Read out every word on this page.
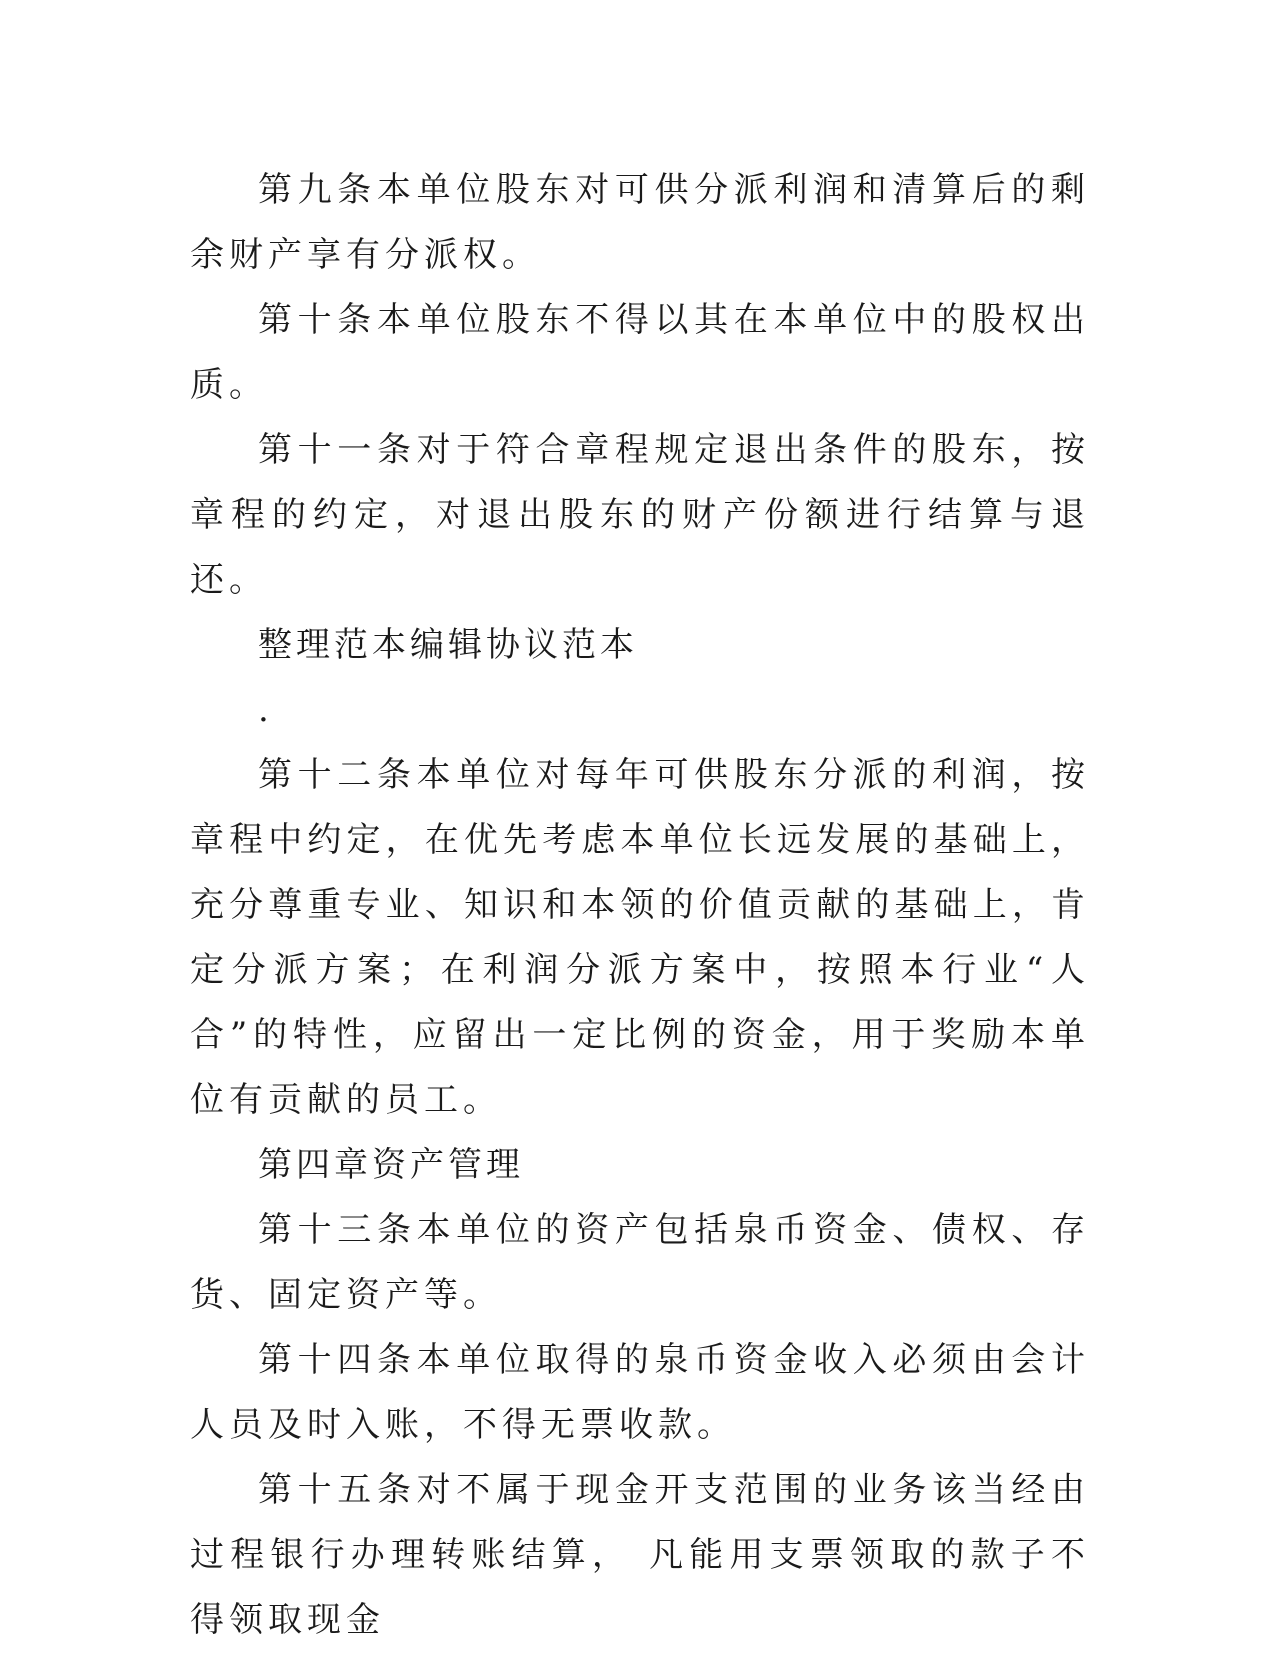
第九条本单位股东对可供分派利润和清算后的剩余财产享有分派权。

第十条本单位股东不得以其在本单位中的股权出质。

第十一条对于符合章程规定退出条件的股东，按章程的约定，对退出股东的财产份额进行结算与退还。

整理范本编辑协议范本

.

第十二条本单位对每年可供股东分派的利润，按章程中约定，在优先考虑本单位长远发展的基础上，充分尊重专业、知识和本领的价值贡献的基础上，肯定分派方案；在利润分派方案中，按照本行业“人合”的特性，应留出一定比例的资金，用于奖励本单位有贡献的员工。

第四章资产管理

第十三条本单位的资产包括泉币资金、债权、存货、固定资产等。

第十四条本单位取得的泉币资金收入必须由会计人员及时入账，不得无票收款。

第十五条对不属于现金开支范围的业务该当经由过程银行办理转账结算， 凡能用支票领取的款子不得领取现金
